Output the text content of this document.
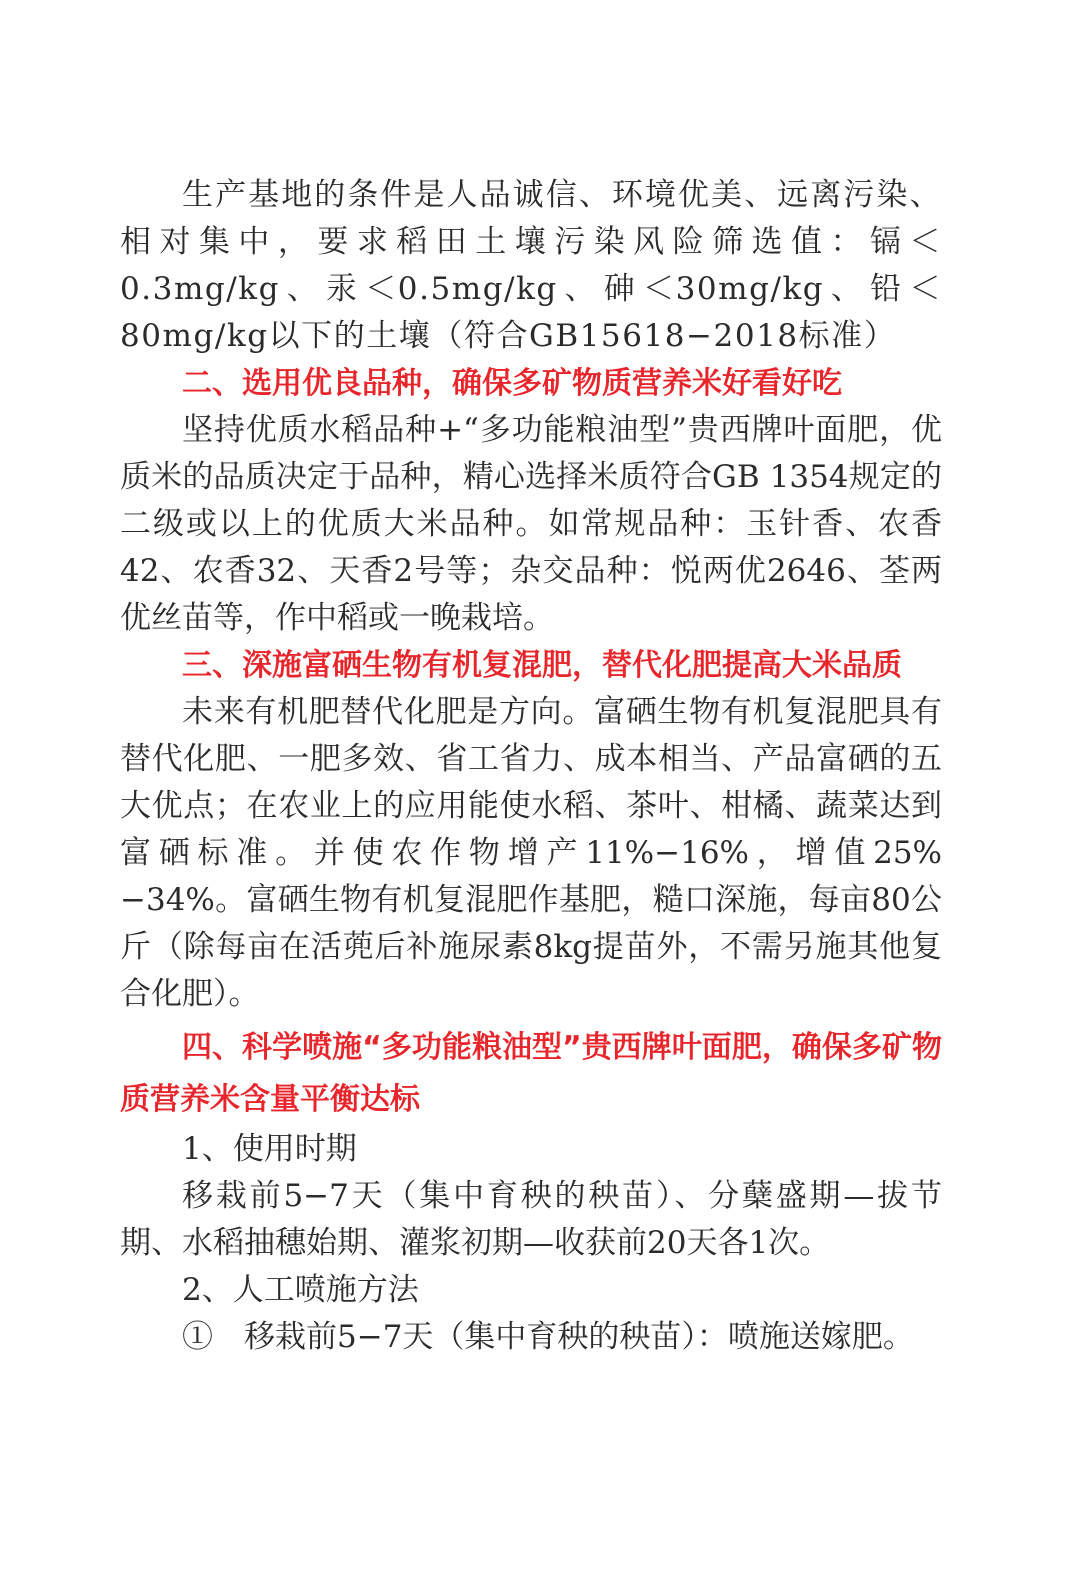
生产基地的条件是人品诚信、环境优美、远离污染、相对集中，要求稻田土壤污染风险筛选值：镉＜0.3mg/kg、汞＜0.5mg/kg、砷＜30mg/kg、铅＜80mg/kg以下的土壤（符合GB15618−2018标准）

二、选用优良品种，确保多矿物质营养米好看好吃

坚持优质水稻品种+“多功能粮油型”贵西牌叶面肥，优质米的品质决定于品种，精心选择米质符合GB 1354规定的二级或以上的优质大米品种。如常规品种：玉针香、农香42、农香32、天香2号等；杂交品种：悦两优2646、荃两优丝苗等，作中稻或一晚栽培。

三、深施富硒生物有机复混肥，替代化肥提高大米品质

未来有机肥替代化肥是方向。富硒生物有机复混肥具有替代化肥、一肥多效、省工省力、成本相当、产品富硒的五大优点；在农业上的应用能使水稻、茶叶、柑橘、蔬菜达到富硒标准。并使农作物增产11%−16%，增值25%−34%。富硒生物有机复混肥作基肥，糙口深施，每亩80公斤（除每亩在活蔸后补施尿素8kg提苗外，不需另施其他复合化肥）。

四、科学喷施“多功能粮油型”贵西牌叶面肥，确保多矿物质营养米含量平衡达标

1、使用时期

移栽前5−7天（集中育秧的秧苗）、分蘖盛期—拔节期、水稻抽穗始期、灌浆初期—收获前20天各1次。

2、人工喷施方法

①　移栽前5−7天（集中育秧的秧苗）：喷施送嫁肥。
